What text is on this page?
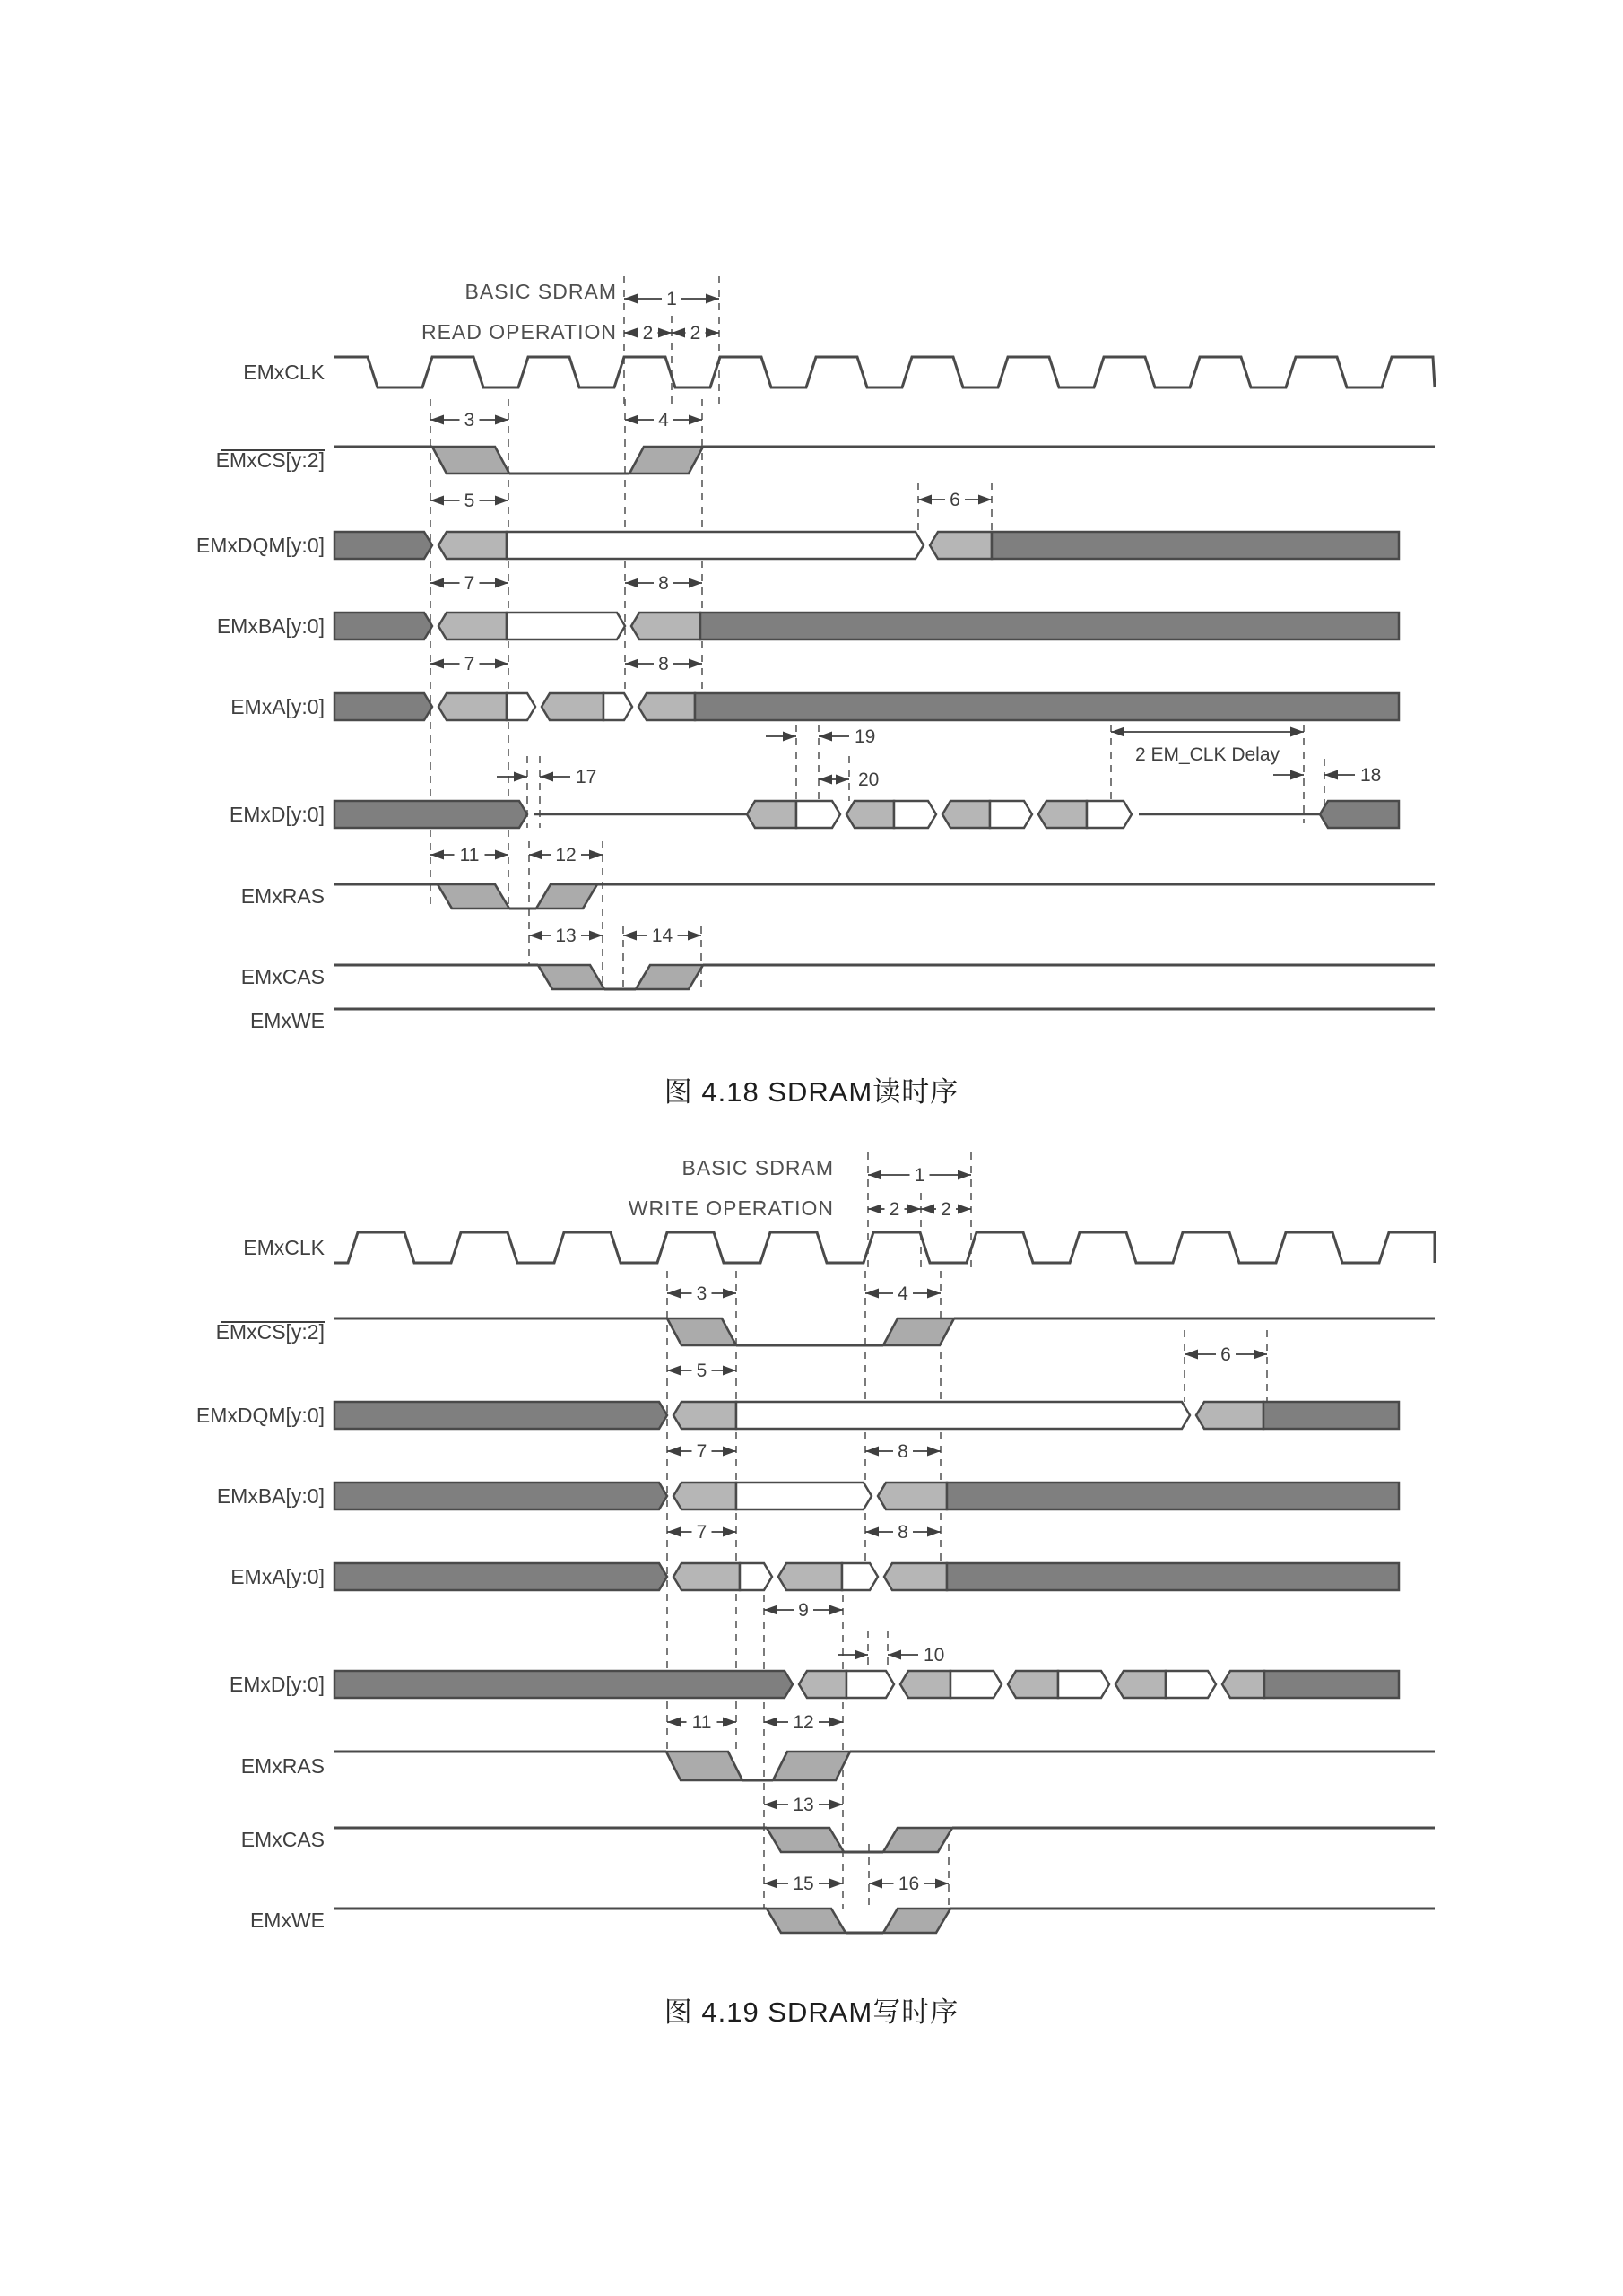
BASIC SDRAM
READ OPERATION
EMxCLK
EMxCS[y:2]
EMxDQM[y:0]
EMxBA[y:0]
EMxA[y:0]
EMxD[y:0]
EMxRAS
EMxCAS
EMxWE
1
2 2
3	4
5	6
7	8
7	8
19
20
17
2 EM_CLK Delay
18
11	12
13	14
BASIC SDRAM
WRITE OPERATION
EMxCLK
EMxCS[y:2]
EMxDQM[y:0]
EMxBA[y:0]
EMxA[y:0]
EMxD[y:0]
EMxRAS
EMxCAS
EMxWE
1
2 2
3	4
5
6
7	8
7	8
9
10
11	12
13
15	16
图 4.18 SDRAM读时序
图 4.19 SDRAM写时序
